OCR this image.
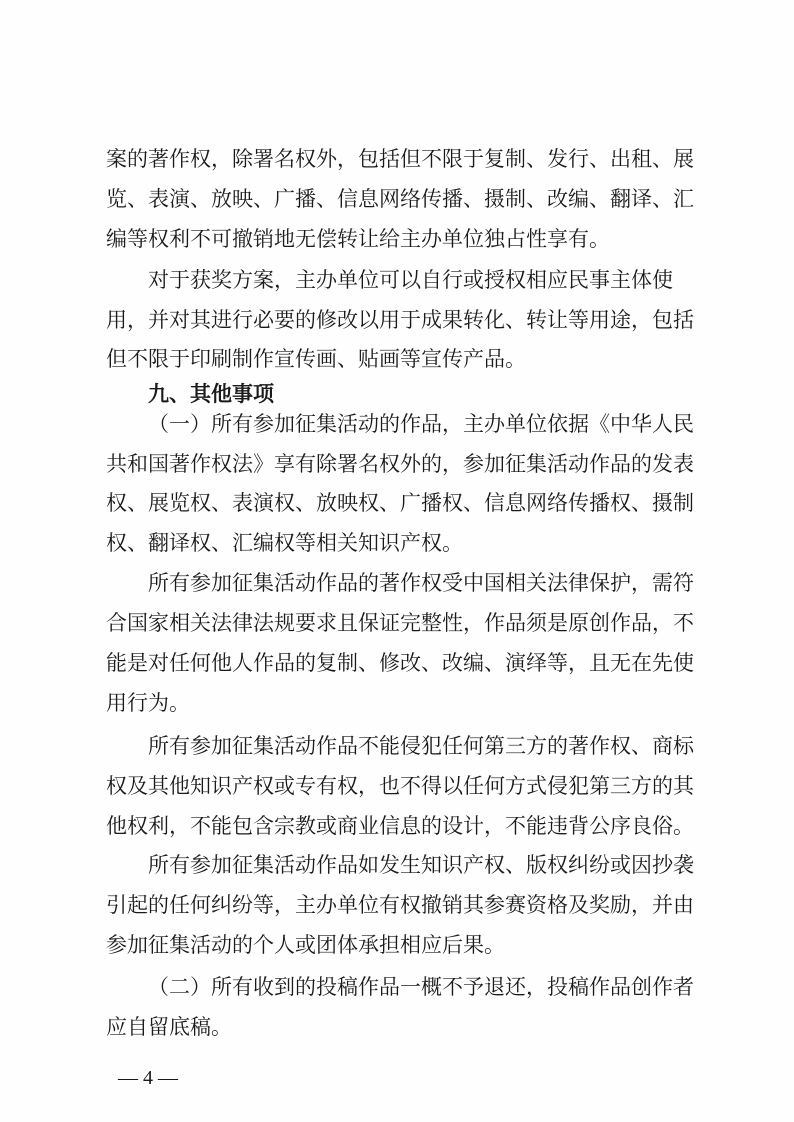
案的著作权，除署名权外，包括但不限于复制、发行、出租、展
览、表演、放映、广播、信息网络传播、摄制、改编、翻译、汇
编等权利不可撤销地无偿转让给主办单位独占性享有。
对于获奖方案，主办单位可以自行或授权相应民事主体使
用，并对其进行必要的修改以用于成果转化、转让等用途，包括
但不限于印刷制作宣传画、贴画等宣传产品。
九、其他事项
（一）所有参加征集活动的作品，主办单位依据《中华人民
共和国著作权法》享有除署名权外的，参加征集活动作品的发表
权、展览权、表演权、放映权、广播权、信息网络传播权、摄制
权、翻译权、汇编权等相关知识产权。
所有参加征集活动作品的著作权受中国相关法律保护，需符
合国家相关法律法规要求且保证完整性，作品须是原创作品，不
能是对任何他人作品的复制、修改、改编、演绎等，且无在先使
用行为。
所有参加征集活动作品不能侵犯任何第三方的著作权、商标
权及其他知识产权或专有权，也不得以任何方式侵犯第三方的其
他权利，不能包含宗教或商业信息的设计，不能违背公序良俗。
所有参加征集活动作品如发生知识产权、版权纠纷或因抄袭
引起的任何纠纷等，主办单位有权撤销其参赛资格及奖励，并由
参加征集活动的个人或团体承担相应后果。
（二）所有收到的投稿作品一概不予退还，投稿作品创作者
应自留底稿。
— 4 —
